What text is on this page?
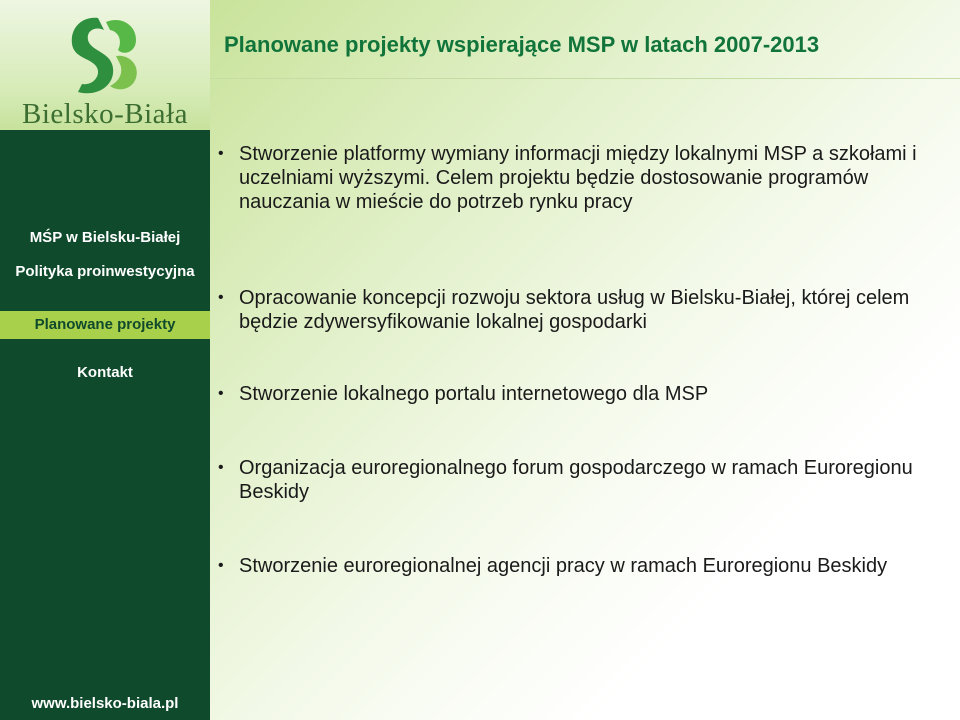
Bielsko-Biała
MŚP w Bielsku-Białej
Polityka proinwestycyjna
Planowane projekty
Kontakt
www.bielsko-biala.pl
Planowane projekty wspierające MSP w latach 2007-2013
• Stworzenie platformy wymiany informacji między lokalnymi MSP a szkołami i uczelniami wyższymi. Celem projektu będzie dostosowanie programów nauczania w mieście do potrzeb rynku pracy
• Opracowanie koncepcji rozwoju sektora usług w Bielsku-Białej, której celem będzie zdywersyfikowanie lokalnej gospodarki
• Stworzenie lokalnego portalu internetowego dla MSP
• Organizacja euroregionalnego forum gospodarczego w ramach Euroregionu Beskidy
• Stworzenie euroregionalnej agencji pracy w ramach Euroregionu Beskidy
